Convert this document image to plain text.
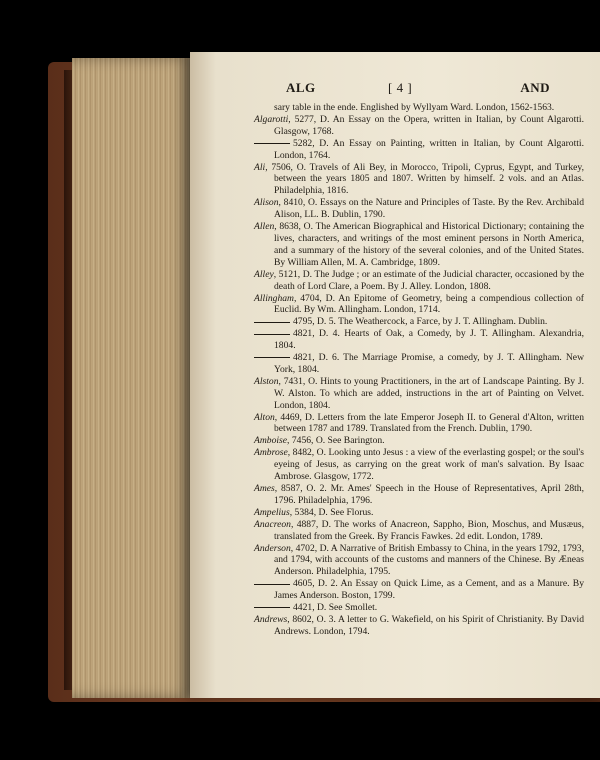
ALG	[ 4 ]	AND

sary table in the ende. Englished by Wyllyam Ward. London, 1562-1563.

Algarotti, 5277, D. An Essay on the Opera, written in Italian, by Count Algarotti. Glasgow, 1768.

5282, D. An Essay on Painting, written in Italian, by Count Algarotti. London, 1764.

Ali, 7506, O. Travels of Ali Bey, in Morocco, Tripoli, Cyprus, Egypt, and Turkey, between the years 1805 and 1807. Written by himself. 2 vols. and an Atlas. Philadelphia, 1816.

Alison, 8410, O. Essays on the Nature and Principles of Taste. By the Rev. Archibald Alison, LL. B. Dublin, 1790.

Allen, 8638, O. The American Biographical and Historical Dictionary; containing the lives, characters, and writings of the most eminent persons in North America, and a summary of the history of the several colonies, and of the United States. By William Allen, M. A. Cambridge, 1809.

Alley, 5121, D. The Judge ; or an estimate of the Judicial character, occasioned by the death of Lord Clare, a Poem. By J. Alley. London, 1808.

Allingham, 4704, D. An Epitome of Geometry, being a compendious collection of Euclid. By Wm. Allingham. London, 1714.

4795, D. 5. The Weathercock, a Farce, by J. T. Allingham. Dublin.

4821, D. 4. Hearts of Oak, a Comedy, by J. T. Allingham. Alexandria, 1804.

4821, D. 6. The Marriage Promise, a comedy, by J. T. Allingham. New York, 1804.

Alston, 7431, O. Hints to young Practitioners, in the art of Landscape Painting. By J. W. Alston. To which are added, instructions in the art of Painting on Velvet. London, 1804.

Alton, 4469, D. Letters from the late Emperor Joseph II. to General d'Alton, written between 1787 and 1789. Translated from the French. Dublin, 1790.

Amboise, 7456, O. See Barington.

Ambrose, 8482, O. Looking unto Jesus : a view of the everlasting gospel; or the soul's eyeing of Jesus, as carrying on the great work of man's salvation. By Isaac Ambrose. Glasgow, 1772.

Ames, 8587, O. 2. Mr. Ames' Speech in the House of Representatives, April 28th, 1796. Philadelphia, 1796.

Ampelius, 5384, D. See Florus.

Anacreon, 4887, D. The works of Anacreon, Sappho, Bion, Moschus, and Musæus, translated from the Greek. By Francis Fawkes. 2d edit. London, 1789.

Anderson, 4702, D. A Narrative of British Embassy to China, in the years 1792, 1793, and 1794, with accounts of the customs and manners of the Chinese. By Æneas Anderson. Philadelphia, 1795.

4605, D. 2. An Essay on Quick Lime, as a Cement, and as a Manure. By James Anderson. Boston, 1799.

4421, D. See Smollet.

Andrews, 8602, O. 3. A letter to G. Wakefield, on his Spirit of Christianity. By David Andrews. London, 1794.
